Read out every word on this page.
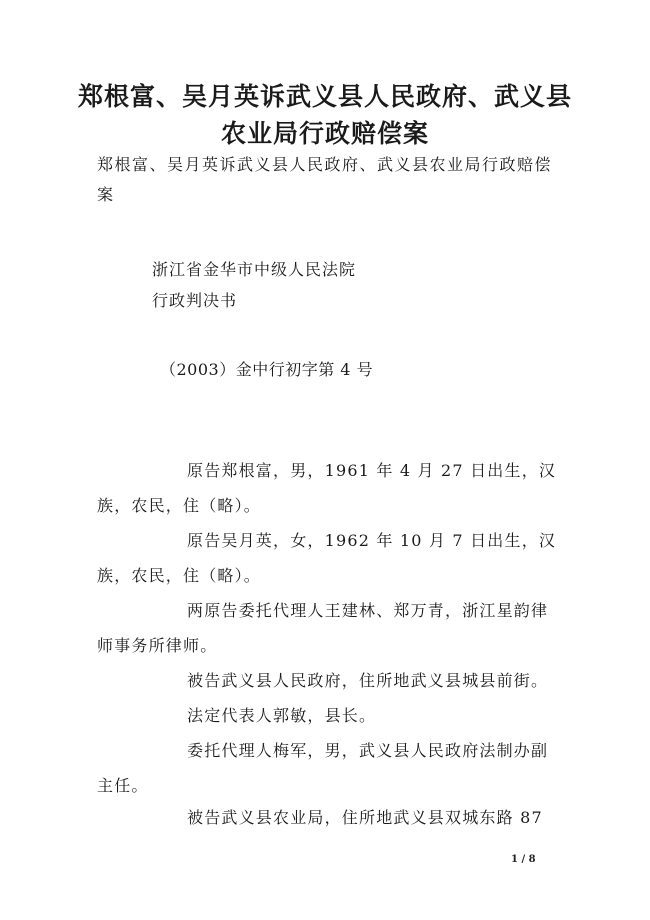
郑根富、吴月英诉武义县人民政府、武义县农业局行政赔偿案

郑根富、吴月英诉武义县人民政府、武义县农业局行政赔偿案

浙江省金华市中级人民法院

行政判决书

（2003）金中行初字第 4 号

原告郑根富，男，1961 年 4 月 27 日出生，汉族，农民，住（略）。

原告吴月英，女，1962 年 10 月 7 日出生，汉族，农民，住（略）。

两原告委托代理人王建林、郑万青，浙江星韵律师事务所律师。

被告武义县人民政府，住所地武义县城县前街。

法定代表人郭敏，县长。

委托代理人梅军，男，武义县人民政府法制办副主任。

被告武义县农业局，住所地武义县双城东路 87

1 / 8
